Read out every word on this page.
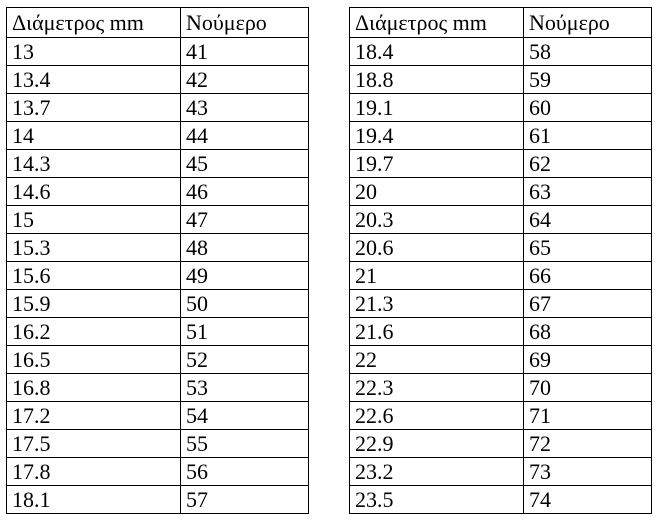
Διάμετρος mm	Νούμερο
13	41
13.4	42
13.7	43
14	44
14.3	45
14.6	46
15	47
15.3	48
15.6	49
15.9	50
16.2	51
16.5	52
16.8	53
17.2	54
17.5	55
17.8	56
18.1	57
Διάμετρος mm	Νούμερο
18.4	58
18.8	59
19.1	60
19.4	61
19.7	62
20	63
20.3	64
20.6	65
21	66
21.3	67
21.6	68
22	69
22.3	70
22.6	71
22.9	72
23.2	73
23.5	74
